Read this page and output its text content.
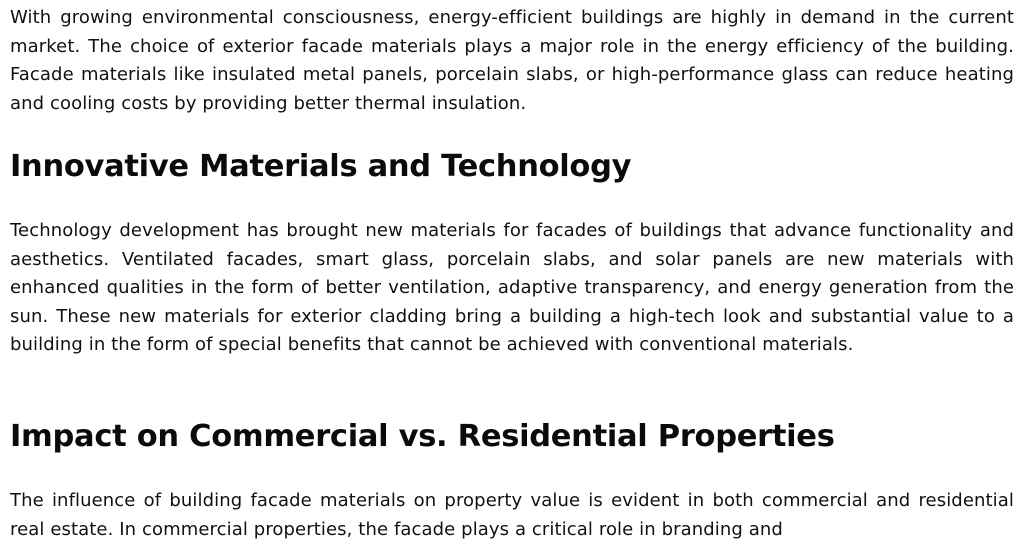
With growing environmental consciousness, energy-efficient buildings are highly in demand in the current market. The choice of exterior facade materials plays a major role in the energy efficiency of the building. Facade materials like insulated metal panels, porcelain slabs, or high-performance glass can reduce heating and cooling costs by providing better thermal insulation.

Innovative Materials and Technology

Technology development has brought new materials for facades of buildings that advance functionality and aesthetics. Ventilated facades, smart glass, porcelain slabs, and solar panels are new materials with enhanced qualities in the form of better ventilation, adaptive transparency, and energy generation from the sun. These new materials for exterior cladding bring a building a high-tech look and substantial value to a building in the form of special benefits that cannot be achieved with conventional materials.

Impact on Commercial vs. Residential Properties

The influence of building facade materials on property value is evident in both commercial and residential real estate. In commercial properties, the facade plays a critical role in branding and
